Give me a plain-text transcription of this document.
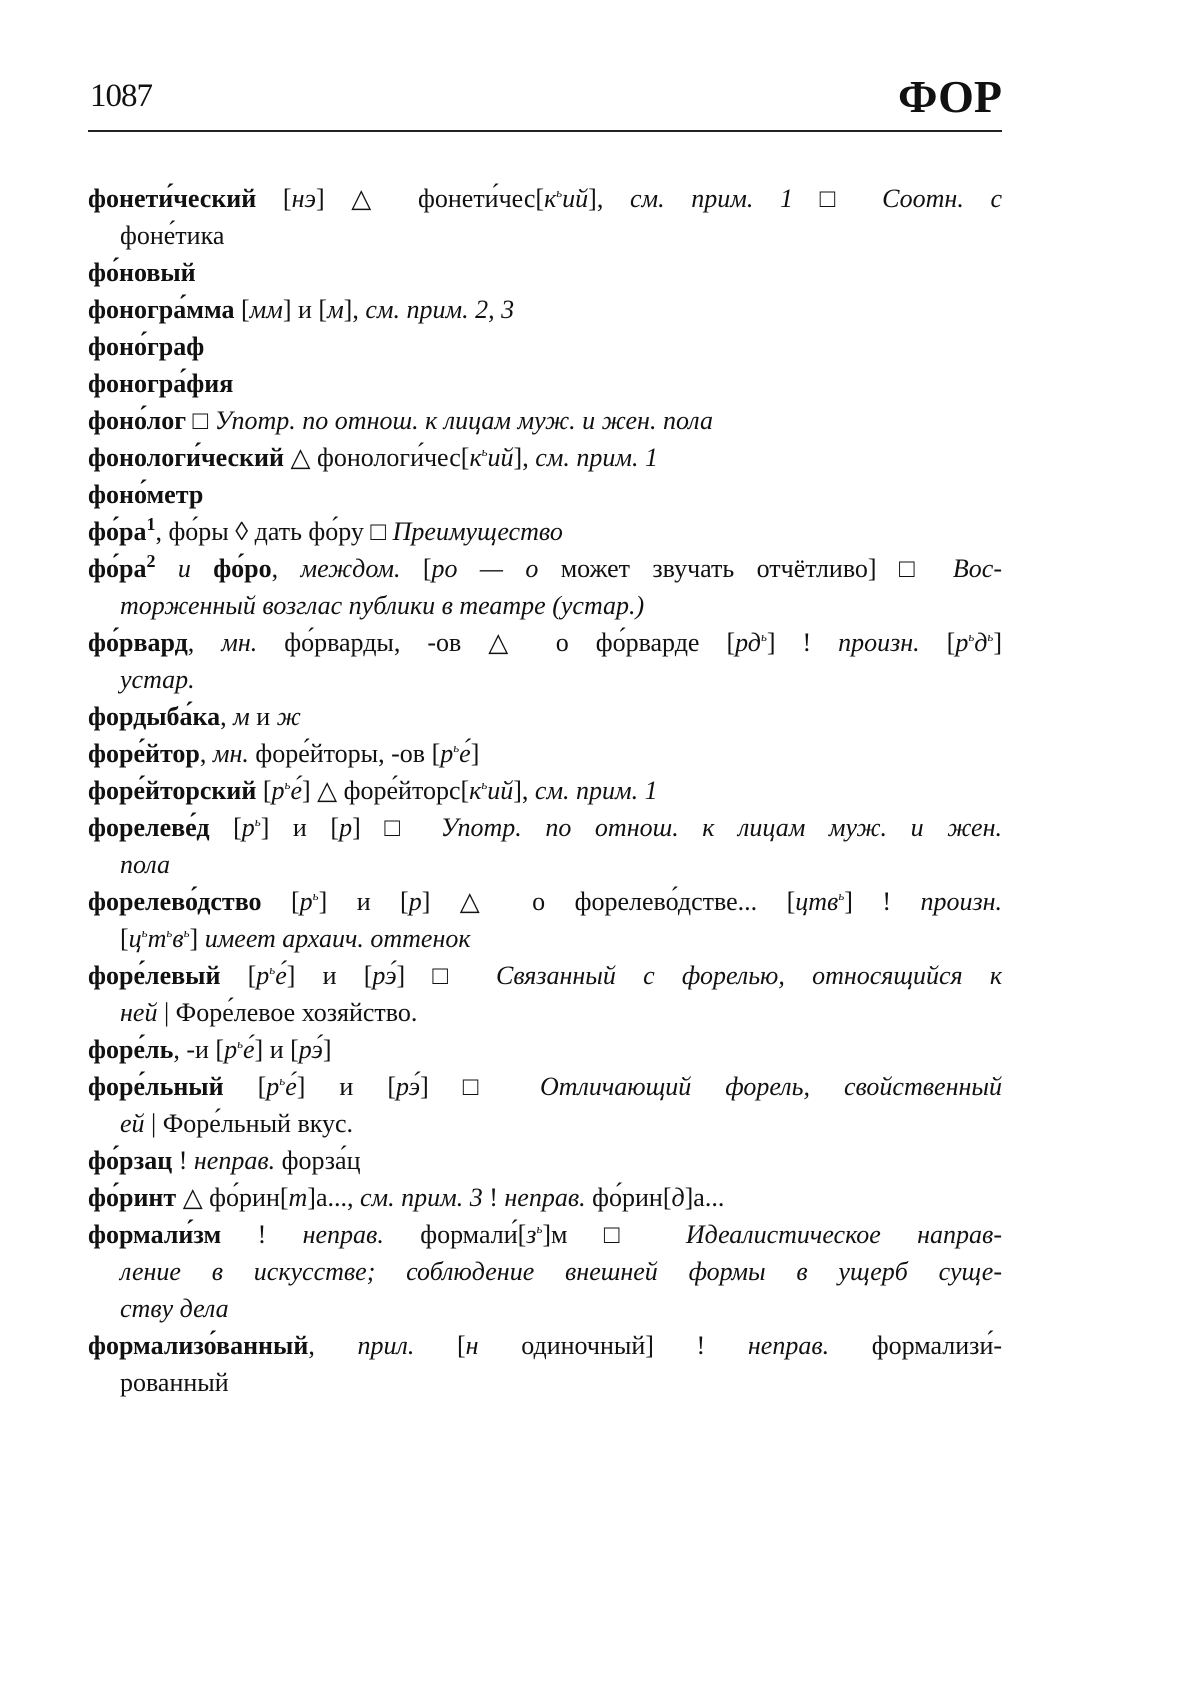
1087	ФОР
фонети́ческий [нэ] △ $фонети́чес[к^ьий]$, см. прим. 1 □ Соотн. с
фоне́тика
фо́новый
фоногра́мма [мм] и [м], см. прим. 2, 3
фоно́граф
фоногра́фия
фоно́лог □ Употр. по отнош. к лицам муж. и жен. пола
фонологи́ческий △ $фонологи́чес[к^ьий]$, см. прим. 1
фоно́метр
$фо́ра^1$, фо́ры ◊ дать фо́ру □ Преимущество
$фо́ра^2$ и фо́ро, междом. [ро — о может звучать отчётливо] □ Вос-
торженный возглас публики в театре (устар.)
фо́рвард, мн. фо́рварды, -ов △ о фо́рварде $[рд^ь]$ ! произн. $[р^ьд^ь]$
устар.
фордыба́ка, м и ж
форе́йтор, мн. форе́йторы, -ов $[р^ье́]$
форе́йторский $[р^ье́]$ △ $форе́йторс[к^ьий]$, см. прим. 1
форелеве́д $[р^ь]$ и [р] □ Употр. по отнош. к лицам муж. и жен.
пола
форелево́дство $[р^ь]$ и [р] △ о форелево́дстве... [цтв$^ь$] ! произн.
$[ц^ьт^ьв^ь]$ имеет архаич. оттенок
форе́левый $[р^ье́]$ и [рэ́] □ Связанный с форелью, относящийся к
ней | Форе́левое хозяйство.
форе́ль, -и $[р^ье́]$ и [рэ́]
форе́льный $[р^ье́]$ и [рэ́] □ Отличающий форель, свойственный
ей | Форе́льный вкус.
фо́рзац ! неправ. форза́ц
фо́ринт △ фо́рин[т]а..., см. прим. 3 ! неправ. фо́рин[д]а...
формали́зм ! неправ. $формали́[з^ь]м$ □ Идеалистическое направ-
ление в искусстве; соблюдение внешней формы в ущерб суще-
ству дела
формализо́ванный, прил. [н одиночный] ! неправ. формализи́-
рованный
